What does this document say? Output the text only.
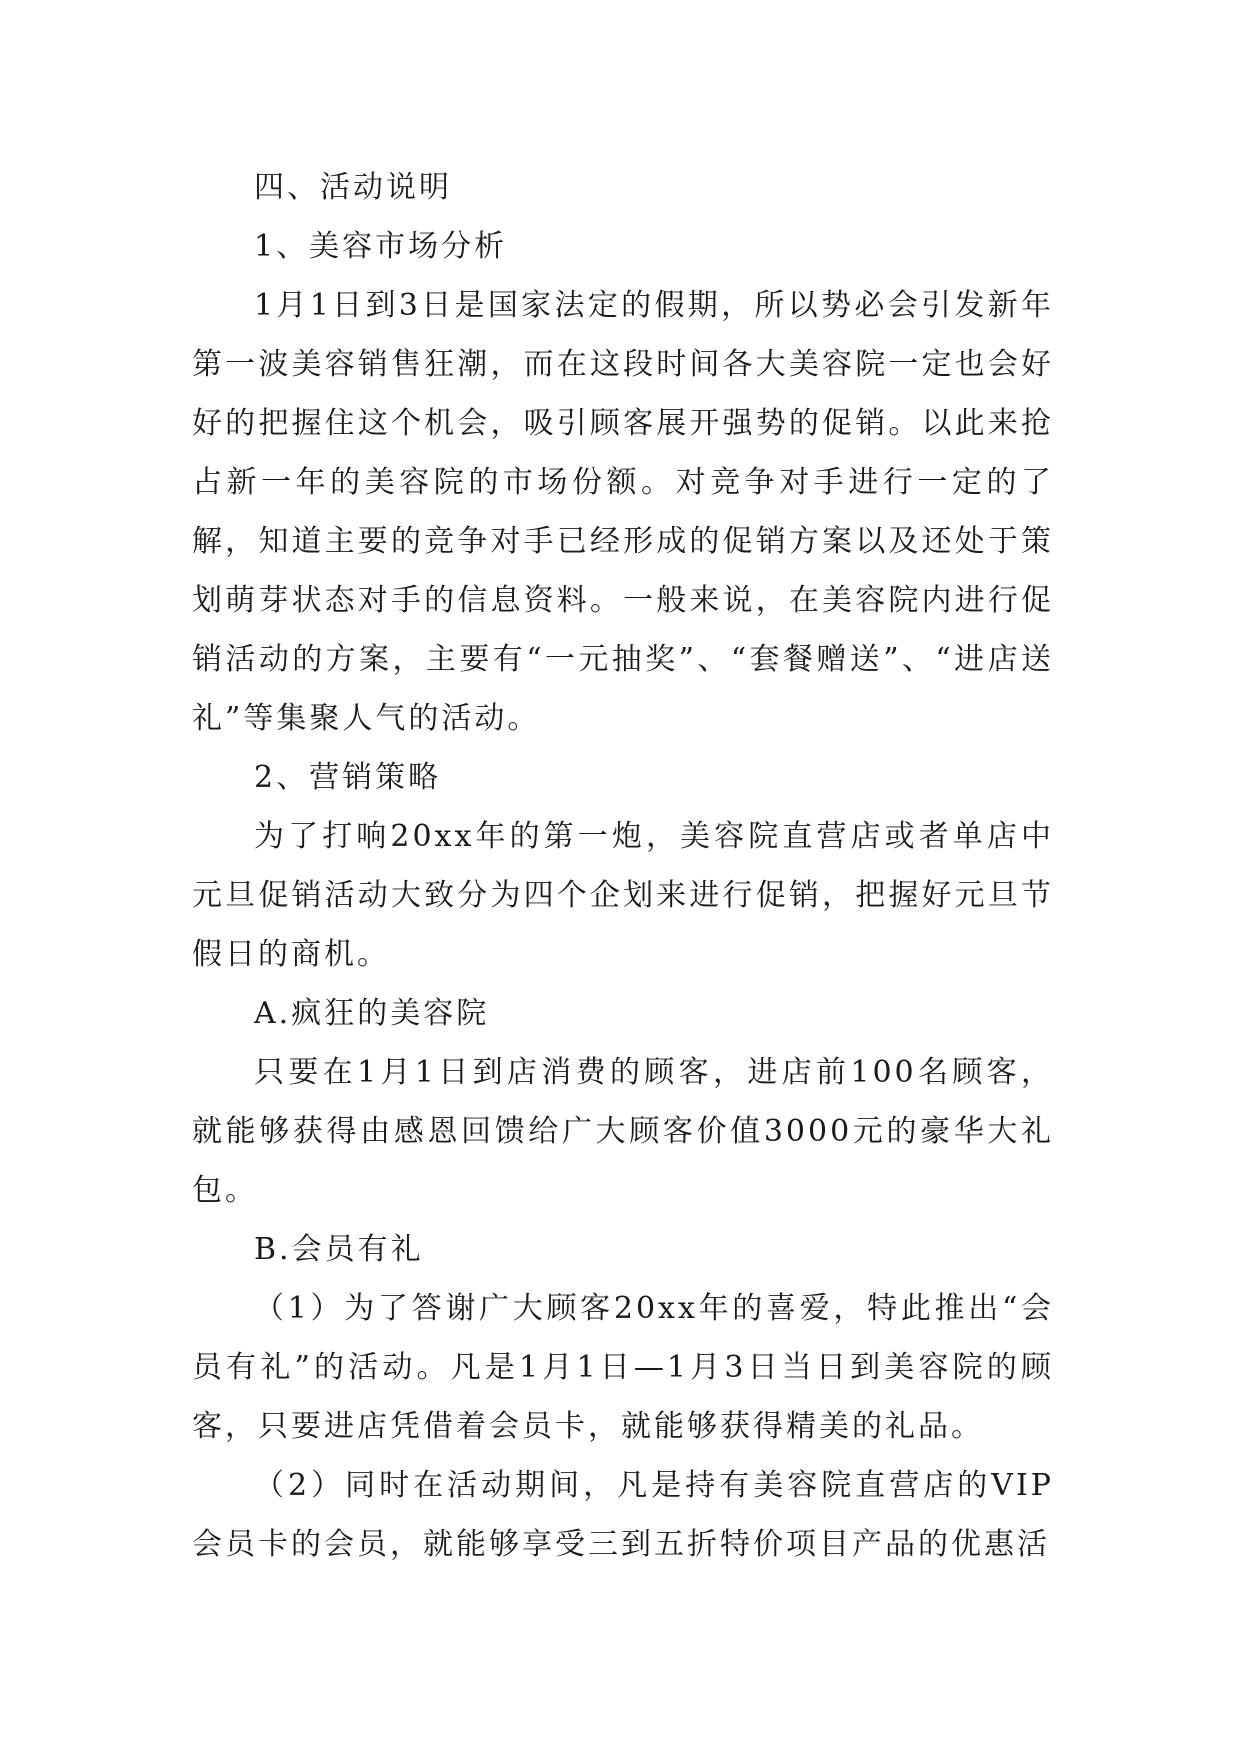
四、活动说明

1、美容市场分析

1月1日到3日是国家法定的假期，所以势必会引发新年第一波美容销售狂潮，而在这段时间各大美容院一定也会好好的把握住这个机会，吸引顾客展开强势的促销。以此来抢占新一年的美容院的市场份额。对竞争对手进行一定的了解，知道主要的竞争对手已经形成的促销方案以及还处于策划萌芽状态对手的信息资料。一般来说，在美容院内进行促销活动的方案，主要有“一元抽奖”、“套餐赠送”、“进店送礼”等集聚人气的活动。

2、营销策略

为了打响20xx年的第一炮，美容院直营店或者单店中元旦促销活动大致分为四个企划来进行促销，把握好元旦节假日的商机。

A.疯狂的美容院

只要在1月1日到店消费的顾客，进店前100名顾客，就能够获得由感恩回馈给广大顾客价值3000元的豪华大礼包。

B.会员有礼

（1）为了答谢广大顾客20xx年的喜爱，特此推出“会员有礼”的活动。凡是1月1日—1月3日当日到美容院的顾客，只要进店凭借着会员卡，就能够获得精美的礼品。

（2）同时在活动期间，凡是持有美容院直营店的VIP会员卡的会员，就能够享受三到五折特价项目产品的优惠活
